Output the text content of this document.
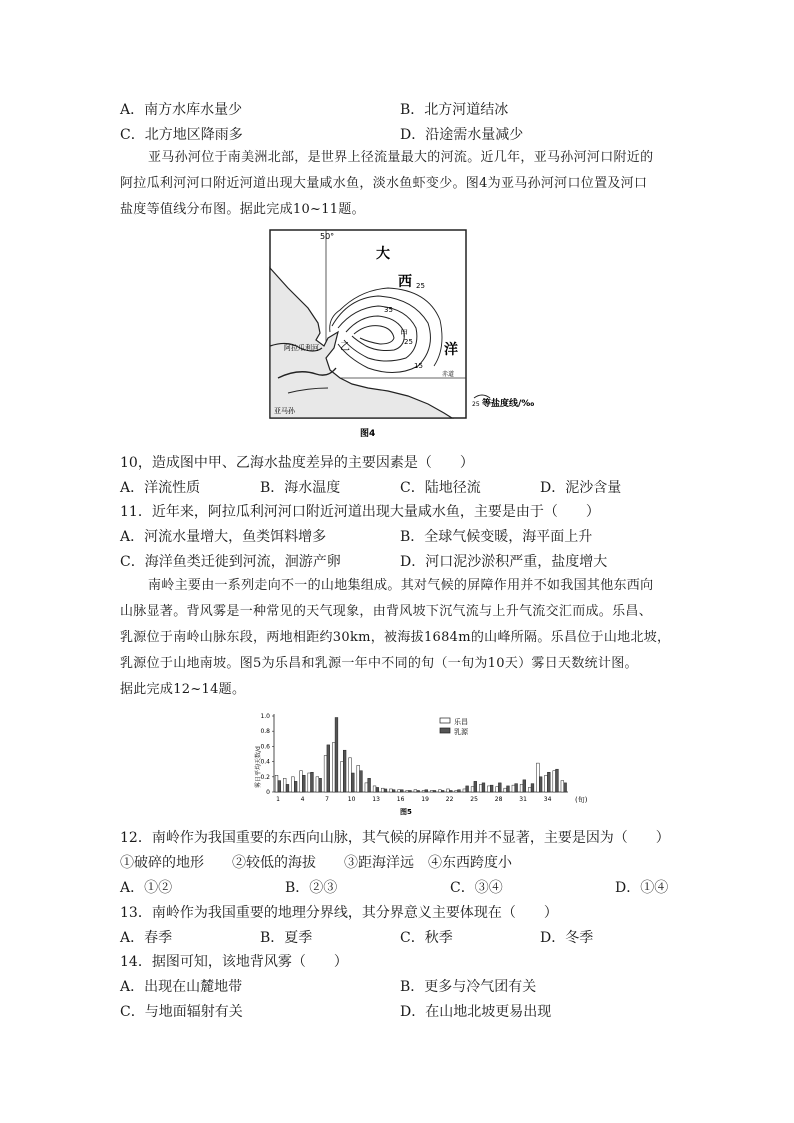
A．南方水库水量少	B．北方河道结冰
C．北方地区降雨多	D．沿途需水量减少
亚马孙河位于南美洲北部，是世界上径流量最大的河流。近几年，亚马孙河河口附近的
阿拉瓜利河河口附近河道出现大量咸水鱼，淡水鱼虾变少。图4为亚马孙河河口位置及河口
盐度等值线分布图。据此完成10~11题。
50°
大
西
洋
甲
乙
35
25
25
15
阿拉瓜利河
亚马孙
赤道
25 等盐度线/‰
图4
10，造成图中甲、乙海水盐度差异的主要因素是（　　）
A．洋流性质	B．海水温度	C．陆地径流	D．泥沙含量
11．近年来，阿拉瓜利河河口附近河道出现大量咸水鱼，主要是由于（　　）
A．河流水量增大，鱼类饵料增多	B．全球气候变暖，海平面上升
C．海洋鱼类迁徙到河流，洄游产卵	D．河口泥沙淤积严重，盐度增大
南岭主要由一系列走向不一的山地集组成。其对气候的屏障作用并不如我国其他东西向
山脉显著。背风雾是一种常见的天气现象，由背风坡下沉气流与上升气流交汇而成。乐昌、
乳源位于南岭山脉东段，两地相距约30km，被海拔1684m的山峰所隔。乐昌位于山地北坡，
乳源位于山地南坡。图5为乐昌和乳源一年中不同的旬（一旬为10天）雾日天数统计图。
据此完成12~14题。
0
0.2
0.4
0.6
0.8
1.0
1	4	7	10	13	16	19	22	25	28	31	34
雾日平均天数/d
(旬)
图5
乐昌
乳源
12．南岭作为我国重要的东西向山脉，其气候的屏障作用并不显著，主要是因为（　　）
①破碎的地形　　②较低的海拔　　③距海洋远　④东西跨度小
A．①②	B．②③	C．③④	D．①④
13．南岭作为我国重要的地理分界线，其分界意义主要体现在（　　）
A．春季	B．夏季	C．秋季	D．冬季
14．据图可知，该地背风雾（　　）
A．出现在山麓地带	B．更多与冷气团有关
C．与地面辐射有关	D．在山地北坡更易出现
